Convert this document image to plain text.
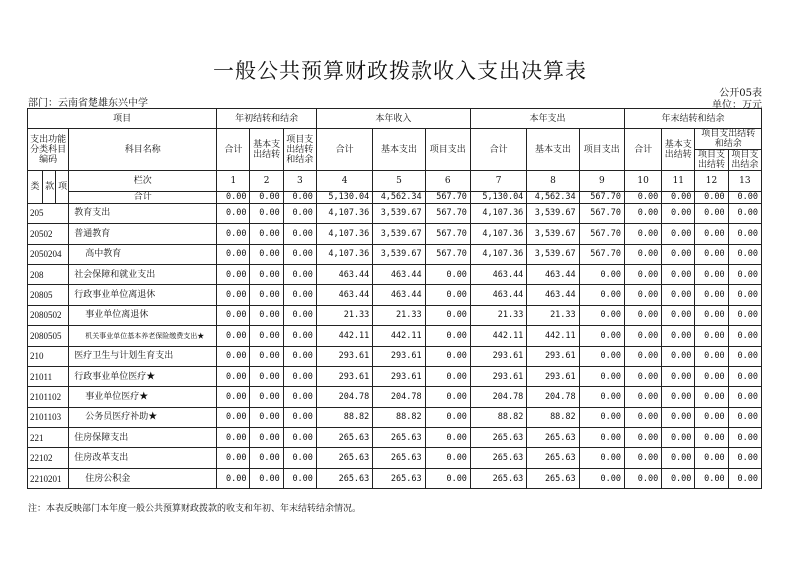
一般公共预算财政拨款收入支出决算表
公开05表
部门：云南省楚雄东兴中学	单位：万元
项目				年初结转和结余			本年收入			本年支出			年末结转和结余			
支出功能分类科目编码			科目名称	合计	基本支出结转	项目支出结转和结余	合计	基本支出	项目支出	合计	基本支出	项目支出	合计	基本支出结转	项目支出结转和结余	
															项目支出结转	项目支出结余
类	款	项	栏次	1	2	3	4	5	6	7	8	9	10	11	12	13
			合计	0.00	0.00	0.00	5,130.04	4,562.34	567.70	5,130.04	4,562.34	567.70	0.00	0.00	0.00	0.00
205			教育支出	0.00	0.00	0.00	4,107.36	3,539.67	567.70	4,107.36	3,539.67	567.70	0.00	0.00	0.00	0.00
20502			普通教育	0.00	0.00	0.00	4,107.36	3,539.67	567.70	4,107.36	3,539.67	567.70	0.00	0.00	0.00	0.00
2050204			高中教育	0.00	0.00	0.00	4,107.36	3,539.67	567.70	4,107.36	3,539.67	567.70	0.00	0.00	0.00	0.00
208			社会保障和就业支出	0.00	0.00	0.00	463.44	463.44	0.00	463.44	463.44	0.00	0.00	0.00	0.00	0.00
20805			行政事业单位离退休	0.00	0.00	0.00	463.44	463.44	0.00	463.44	463.44	0.00	0.00	0.00	0.00	0.00
2080502			事业单位离退休	0.00	0.00	0.00	21.33	21.33	0.00	21.33	21.33	0.00	0.00	0.00	0.00	0.00
2080505			机关事业单位基本养老保险缴费支出★	0.00	0.00	0.00	442.11	442.11	0.00	442.11	442.11	0.00	0.00	0.00	0.00	0.00
210			医疗卫生与计划生育支出	0.00	0.00	0.00	293.61	293.61	0.00	293.61	293.61	0.00	0.00	0.00	0.00	0.00
21011			行政事业单位医疗★	0.00	0.00	0.00	293.61	293.61	0.00	293.61	293.61	0.00	0.00	0.00	0.00	0.00
2101102			事业单位医疗★	0.00	0.00	0.00	204.78	204.78	0.00	204.78	204.78	0.00	0.00	0.00	0.00	0.00
2101103			公务员医疗补助★	0.00	0.00	0.00	88.82	88.82	0.00	88.82	88.82	0.00	0.00	0.00	0.00	0.00
221			住房保障支出	0.00	0.00	0.00	265.63	265.63	0.00	265.63	265.63	0.00	0.00	0.00	0.00	0.00
22102			住房改革支出	0.00	0.00	0.00	265.63	265.63	0.00	265.63	265.63	0.00	0.00	0.00	0.00	0.00
2210201			住房公积金	0.00	0.00	0.00	265.63	265.63	0.00	265.63	265.63	0.00	0.00	0.00	0.00	0.00
注：本表反映部门本年度一般公共预算财政拨款的收支和年初、年末结转结余情况。
